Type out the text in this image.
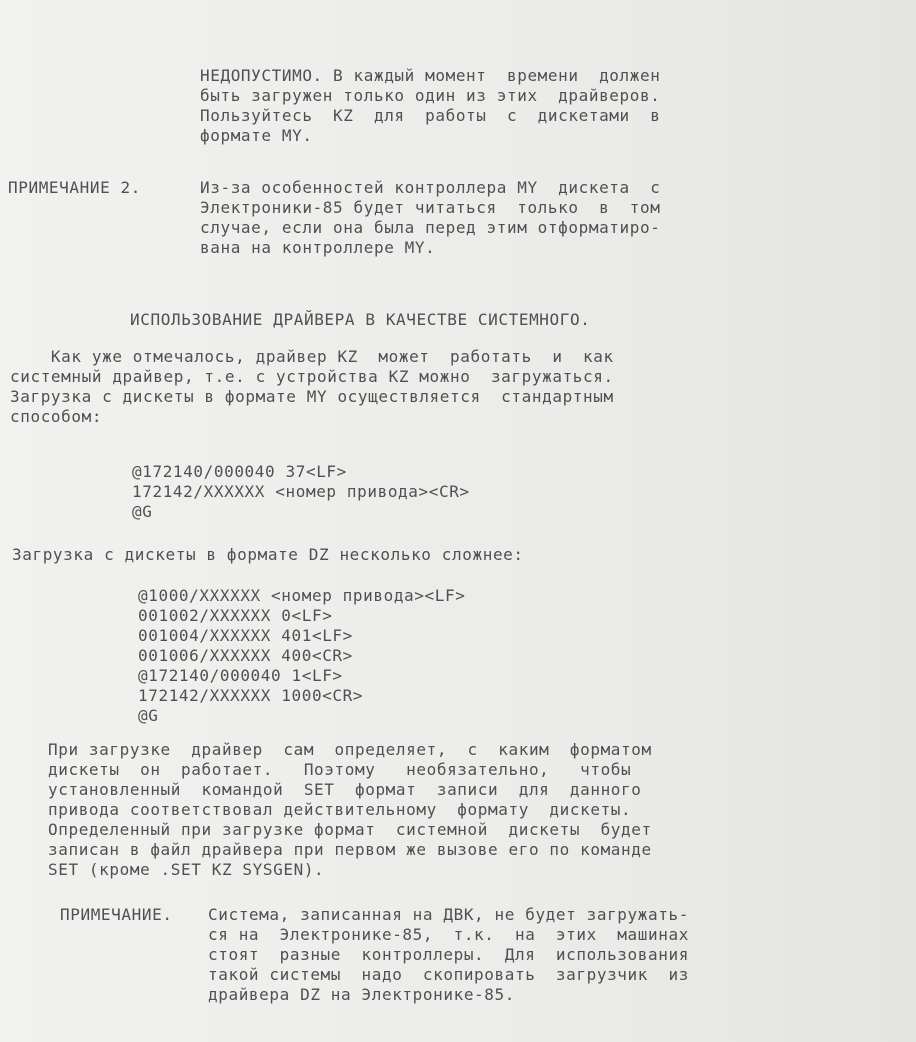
НЕДОПУСТИМО. В каждый момент  времени  должен
быть загружен только один из этих  драйверов.
Пользуйтесь  KZ  для  работы  с  дискетами  в
формате MY.
ПРИМЕЧАНИЕ 2.	Из-за особенностей контроллера MY  дискета  с
Электроники-85 будет читаться  только  в  том
случае, если она была перед этим отформатиро-
вана на контроллере MY.
ИСПОЛЬЗОВАНИЕ ДРАЙВЕРА В КАЧЕСТВЕ СИСТЕМНОГО.
Как уже отмечалось, драйвер KZ  может  работать  и  как
системный драйвер, т.е. с устройства KZ можно  загружаться.
Загрузка с дискеты в формате MY осуществляется  стандартным
способом:
@172140/000040 37<LF>
172142/XXXXXX <номер привода><CR>
@G
Загрузка с дискеты в формате DZ несколько сложнее:
@1000/XXXXXX <номер привода><LF>
001002/XXXXXX 0<LF>
001004/XXXXXX 401<LF>
001006/XXXXXX 400<CR>
@172140/000040 1<LF>
172142/XXXXXX 1000<CR>
@G
При загрузке  драйвер  сам  определяет,  с  каким  форматом
дискеты  он  работает.   Поэтому   необязательно,   чтобы
установленный  командой  SET  формат  записи  для  данного
привода соответствовал действительному  формату  дискеты.
Определенный при загрузке формат  системной  дискеты  будет
записан в файл драйвера при первом же вызове его по команде
SET (кроме .SET KZ SYSGEN).
ПРИМЕЧАНИЕ. Система, записанная на ДВК, не будет загружать-
ся на  Электронике-85,  т.к.  на  этих  машинах
стоят  разные  контроллеры.  Для  использования
такой системы  надо  скопировать  загрузчик  из
драйвера DZ на Электронике-85.
